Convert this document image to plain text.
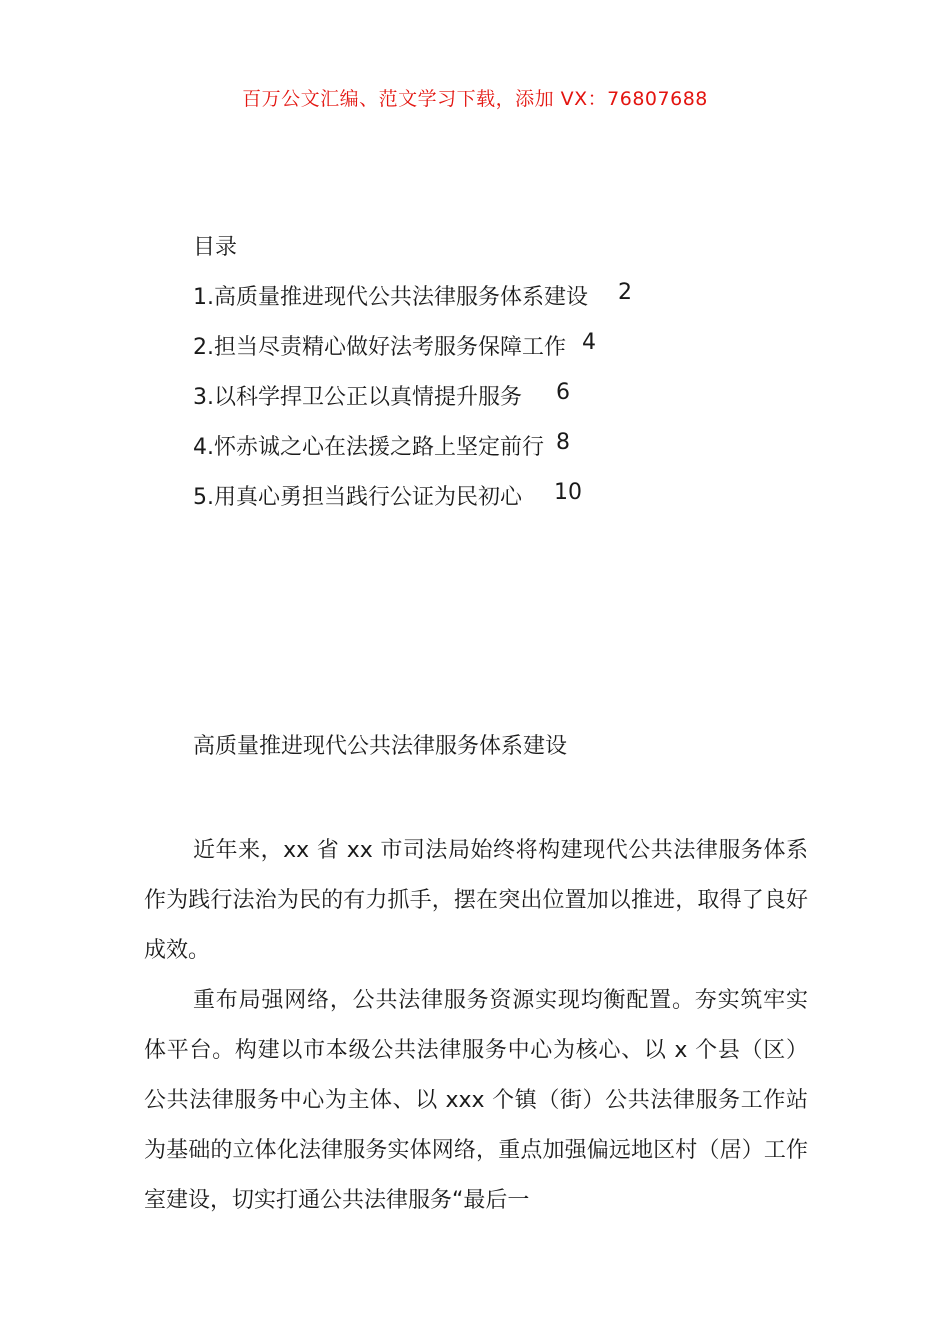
百万公文汇编、范文学习下载，添加 VX：76807688
目录
1.高质量推进现代公共法律服务体系建设 2
2.担当尽责精心做好法考服务保障工作 4
3.以科学捍卫公正以真情提升服务 6
4.怀赤诚之心在法援之路上坚定前行 8
5.用真心勇担当践行公证为民初心 10
高质量推进现代公共法律服务体系建设

近年来，xx 省 xx 市司法局始终将构建现代公共法律服务体系作为践行法治为民的有力抓手，摆在突出位置加以推进，取得了良好成效。

重布局强网络，公共法律服务资源实现均衡配置。夯实筑牢实体平台。构建以市本级公共法律服务中心为核心、以 x 个县（区）公共法律服务中心为主体、以 xxx 个镇（街）公共法律服务工作站为基础的立体化法律服务实体网络，重点加强偏远地区村（居）工作室建设，切实打通公共法律服务“最后一
